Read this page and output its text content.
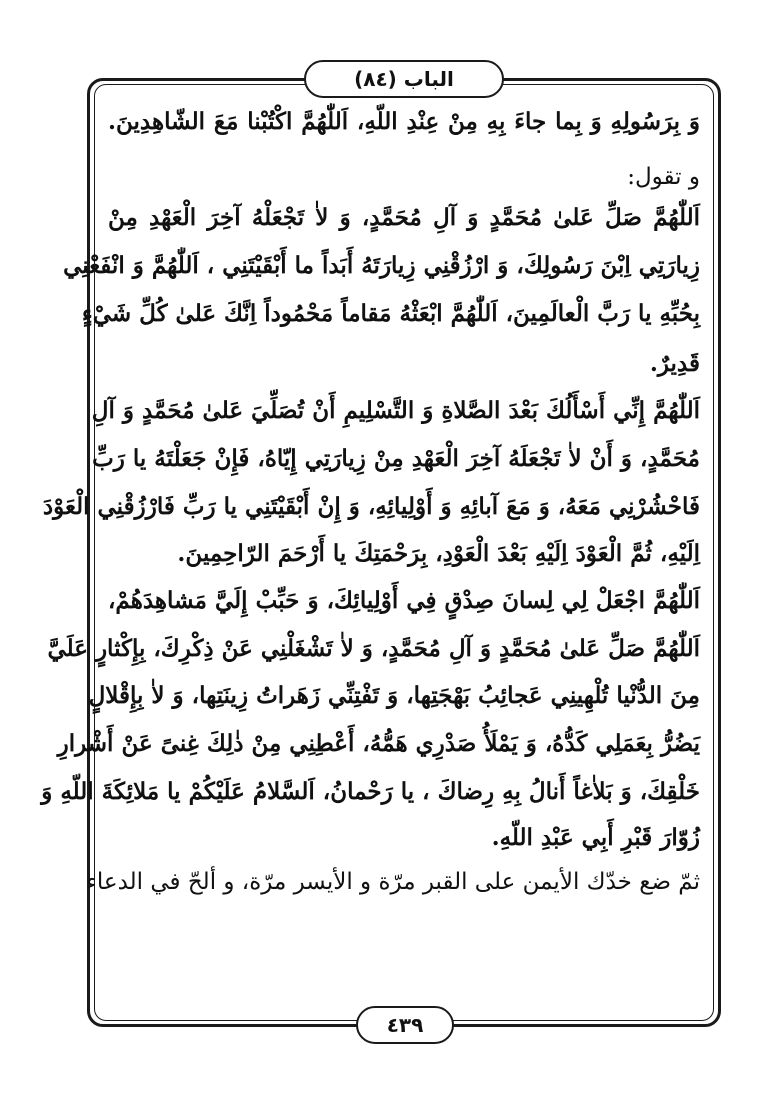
الباب (٨٤)
وَ بِرَسُولِهِ وَ بِما جاءَ بِهِ مِنْ عِنْدِ اللّهِ، اَللّٰهُمَّ اكْتُبْنا مَعَ الشّاهِدِينَ.
و تقول:
اَللّٰهُمَّ صَلِّ عَلىٰ مُحَمَّدٍ وَ آلِ مُحَمَّدٍ، وَ لاٰ تَجْعَلْهُ آخِرَ الْعَهْدِ مِنْ
زِيارَتِي اِبْنَ رَسُولِكَ، وَ ارْزُقْنِي زِيارَتَهُ أَبَداً ما أَبْقَيْتَنِي ، اَللّٰهُمَّ وَ انْفَعْنِي
بِحُبِّهِ يا رَبَّ الْعالَمِينَ، اَللّٰهُمَّ ابْعَثْهُ مَقاماً مَحْمُوداً اِنَّكَ عَلىٰ كُلِّ شَيْءٍ
قَدِيرٌ.
اَللّٰهُمَّ إِنِّي أَسْأَلُكَ بَعْدَ الصَّلاةِ وَ التَّسْلِيمِ أَنْ تُصَلِّيَ عَلىٰ مُحَمَّدٍ وَ آلِ
مُحَمَّدٍ، وَ أَنْ لاٰ تَجْعَلَهُ آخِرَ الْعَهْدِ مِنْ زِيارَتِي إِيّاهُ، فَإِنْ جَعَلْتَهُ يا رَبِّ
فَاحْشُرْنِي مَعَهُ، وَ مَعَ آبائِهِ وَ أَوْلِيائِهِ، وَ إِنْ أَبْقَيْتَنِي يا رَبِّ فَارْزُقْنِي الْعَوْدَ
اِلَيْهِ، ثُمَّ الْعَوْدَ اِلَيْهِ بَعْدَ الْعَوْدِ، بِرَحْمَتِكَ يا أَرْحَمَ الرّاحِمِينَ.
اَللّٰهُمَّ اجْعَلْ لِي لِسانَ صِدْقٍ فِي أَوْلِيائِكَ، وَ حَبِّبْ إِلَيَّ مَشاهِدَهُمْ،
اَللّٰهُمَّ صَلِّ عَلىٰ مُحَمَّدٍ وَ آلِ مُحَمَّدٍ، وَ لاٰ تَشْغَلْنِي عَنْ ذِكْرِكَ، بِإِكْثارٍ عَلَيَّ
مِنَ الدُّنْيا تُلْهِينِي عَجائِبُ بَهْجَتِها، وَ تَفْتِنِّي زَهَراتُ زِينَتِها، وَ لاٰ بِإِقْلالٍ
يَضُرُّ بِعَمَلِي كَدُّهُ، وَ يَمْلَأُ صَدْرِي هَمُّهُ، أَعْطِنِي مِنْ ذٰلِكَ غِنىً عَنْ أَشْرارِ
خَلْقِكَ، وَ بَلاٰغاً أَنالُ بِهِ رِضاكَ ، يا رَحْمانُ، اَلسَّلامُ عَلَيْكُمْ يا مَلائِكَةَ اللّهِ وَ
زُوّارَ قَبْرِ أَبِي عَبْدِ اللّهِ.
ثمّ ضع خدّك الأيمن على القبر مرّة و الأيسر مرّة، و ألحّ في الدعاء
٤٣٩
